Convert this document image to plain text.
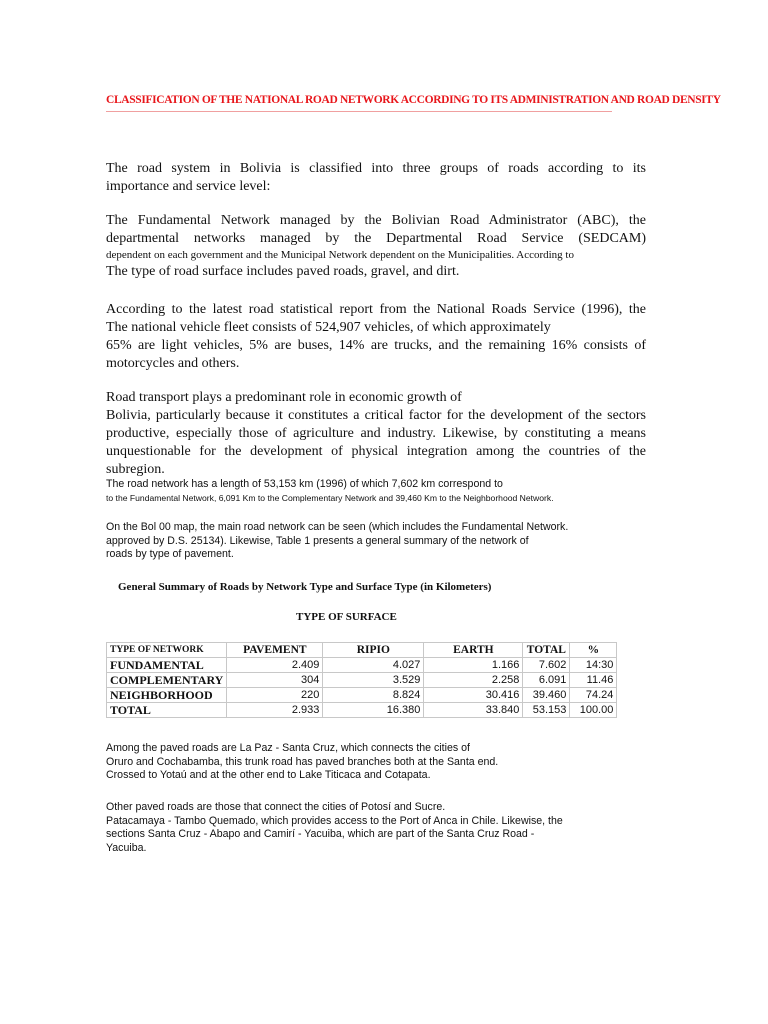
CLASSIFICATION OF THE NATIONAL ROAD NETWORK ACCORDING TO ITS ADMINISTRATION AND ROAD DENSITY
The road system in Bolivia is classified into three groups of roads according to its
importance and service level:
The Fundamental Network managed by the Bolivian Road Administrator (ABC), the
departmental networks managed by the Departmental Road Service (SEDCAM)
dependent on each government and the Municipal Network dependent on the Municipalities. According to
The type of road surface includes paved roads, gravel, and dirt.
According to the latest road statistical report from the National Roads Service (1996), the
The national vehicle fleet consists of 524,907 vehicles, of which approximately
65% are light vehicles, 5% are buses, 14% are trucks, and the remaining 16% consists of
motorcycles and others.
Road transport plays a predominant role in economic growth of
Bolivia, particularly because it constitutes a critical factor for the development of the sectors
productive, especially those of agriculture and industry. Likewise, by constituting a means
unquestionable for the development of physical integration among the countries of the subregion.
The road network has a length of 53,153 km (1996) of which 7,602 km correspond to
to the Fundamental Network, 6,091 Km to the Complementary Network and 39,460 Km to the Neighborhood Network.
On the Bol 00 map, the main road network can be seen (which includes the Fundamental Network.
approved by D.S. 25134). Likewise, Table 1 presents a general summary of the network of
roads by type of pavement.
General Summary of Roads by Network Type and Surface Type (in Kilometers)
TYPE OF SURFACE
TYPE OF NETWORK	PAVEMENT	RIPIO	EARTH	TOTAL	%
FUNDAMENTAL	2.409	4.027	1.166	7.602	14:30
COMPLEMENTARY	304	3.529	2.258	6.091	11.46
NEIGHBORHOOD	220	8.824	30.416	39.460	74.24
TOTAL	2.933	16.380	33.840	53.153	100.00
Among the paved roads are La Paz - Santa Cruz, which connects the cities of
Oruro and Cochabamba, this trunk road has paved branches both at the Santa end.
Crossed to Yotaú and at the other end to Lake Titicaca and Cotapata.
Other paved roads are those that connect the cities of Potosí and Sucre.
Patacamaya - Tambo Quemado, which provides access to the Port of Anca in Chile. Likewise, the
sections Santa Cruz - Abapo and Camirí - Yacuiba, which are part of the Santa Cruz Road -
Yacuiba.
